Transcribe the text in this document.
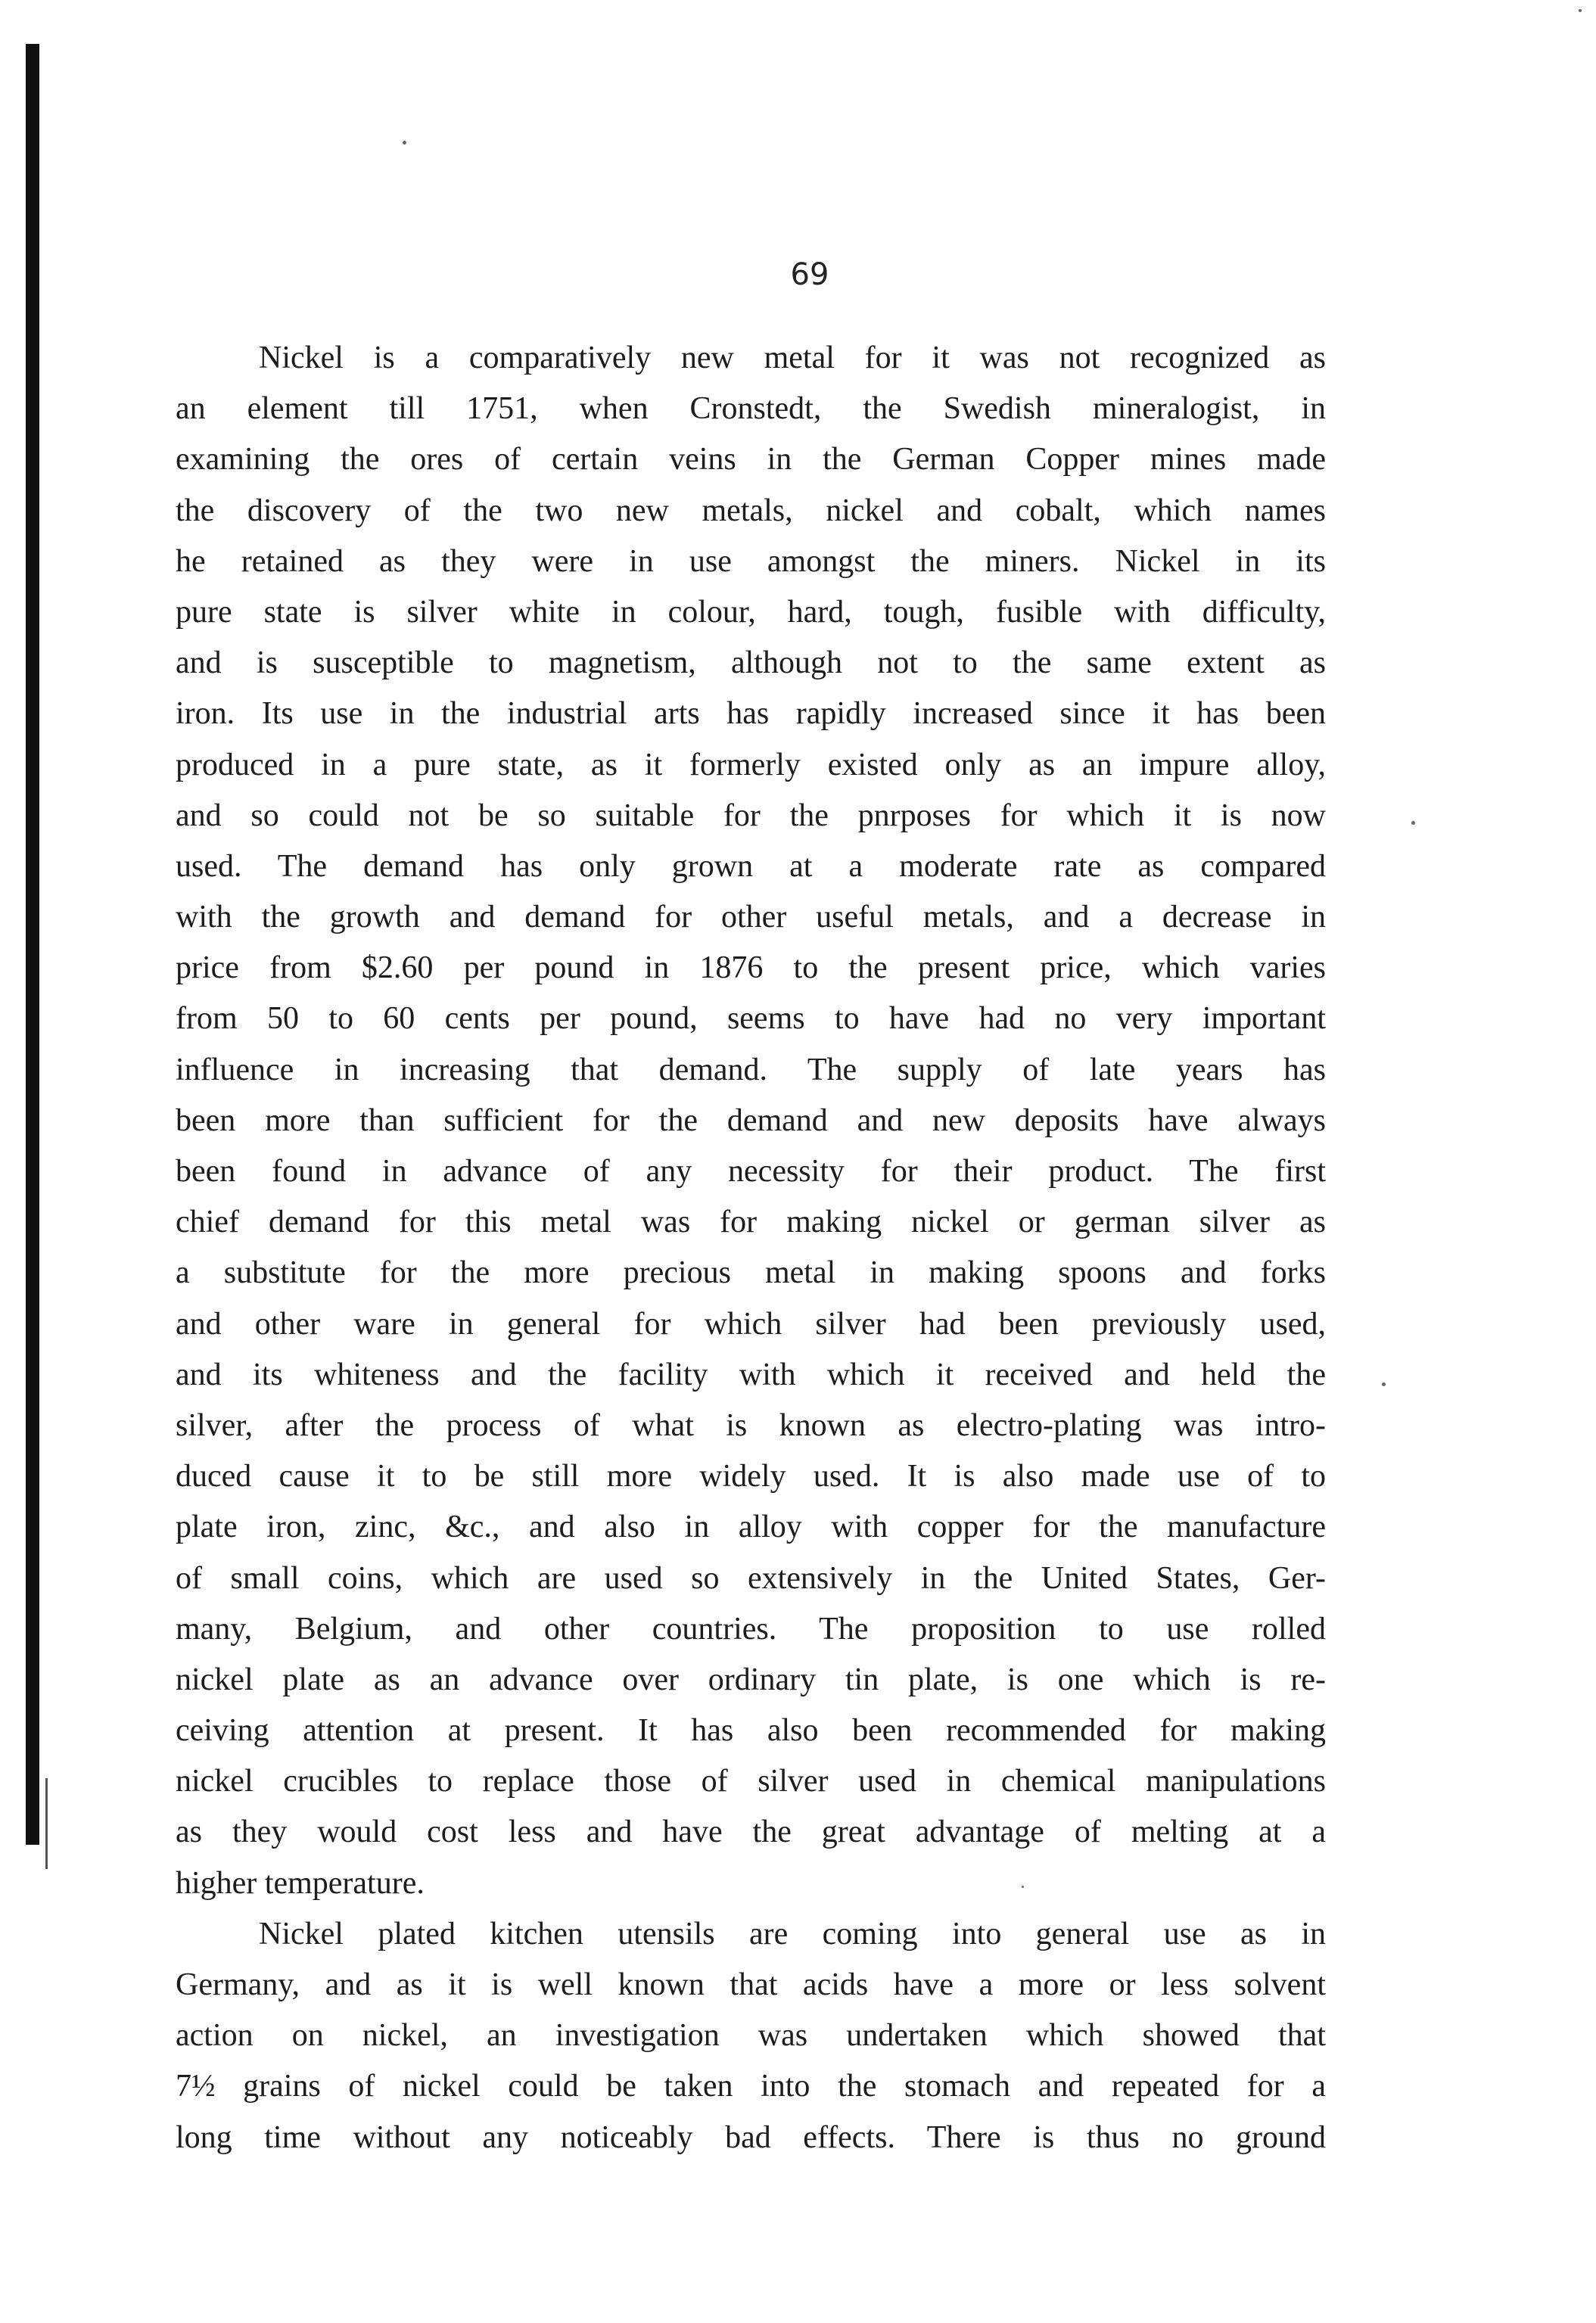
69
Nickel is a comparatively new metal for it was not recognized as
an element till 1751, when Cronstedt, the Swedish mineralogist, in
examining the ores of certain veins in the German Copper mines made
the discovery of the two new metals, nickel and cobalt, which names
he retained as they were in use amongst the miners. Nickel in its
pure state is silver white in colour, hard, tough, fusible with difficulty,
and is susceptible to magnetism, although not to the same extent as
iron. Its use in the industrial arts has rapidly increased since it has been
produced in a pure state, as it formerly existed only as an impure alloy,
and so could not be so suitable for the pnrposes for which it is now
used. The demand has only grown at a moderate rate as compared
with the growth and demand for other useful metals, and a decrease in
price from $2.60 per pound in 1876 to the present price, which varies
from 50 to 60 cents per pound, seems to have had no very important
influence in increasing that demand. The supply of late years has
been more than sufficient for the demand and new deposits have always
been found in advance of any necessity for their product. The first
chief demand for this metal was for making nickel or german silver as
a substitute for the more precious metal in making spoons and forks
and other ware in general for which silver had been previously used,
and its whiteness and the facility with which it received and held the
silver, after the process of what is known as electro-plating was intro-
duced cause it to be still more widely used. It is also made use of to
plate iron, zinc, &c., and also in alloy with copper for the manufacture
of small coins, which are used so extensively in the United States, Ger-
many, Belgium, and other countries. The proposition to use rolled
nickel plate as an advance over ordinary tin plate, is one which is re-
ceiving attention at present. It has also been recommended for making
nickel crucibles to replace those of silver used in chemical manipulations
as they would cost less and have the great advantage of melting at a
higher temperature.
Nickel plated kitchen utensils are coming into general use as in
Germany, and as it is well known that acids have a more or less solvent
action on nickel, an investigation was undertaken which showed that
7½ grains of nickel could be taken into the stomach and repeated for a
long time without any noticeably bad effects. There is thus no ground
